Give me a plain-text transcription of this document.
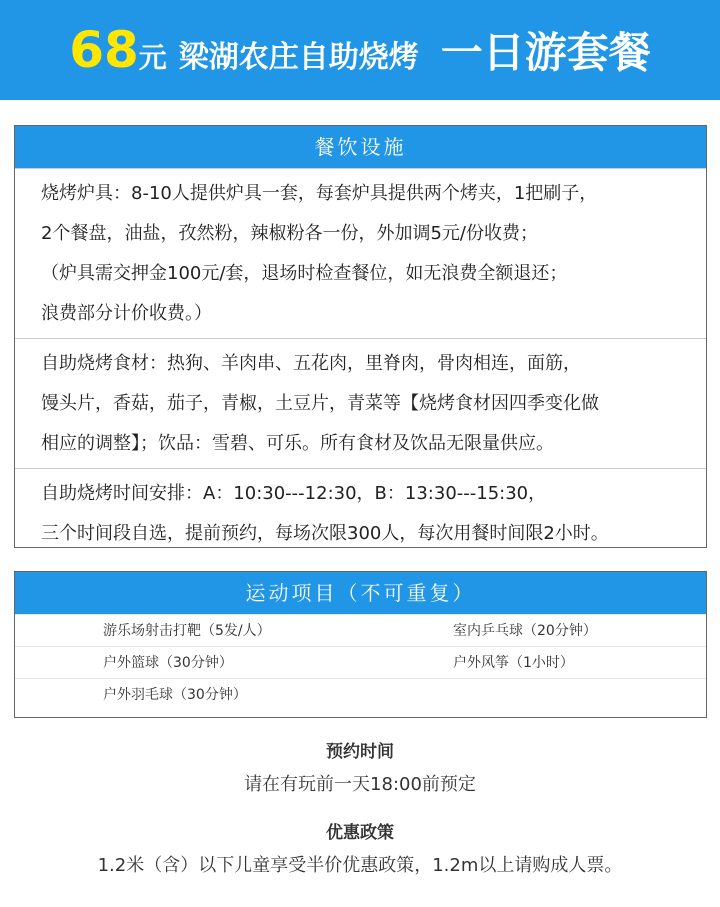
68 元 梁湖农庄自助烧烤 一日游套餐
餐饮设施
烧烤炉具：8-10人提供炉具一套，每套炉具提供两个烤夹，1把刷子，
2个餐盘，油盐，孜然粉，辣椒粉各一份，外加调5元/份收费；
（炉具需交押金100元/套，退场时检查餐位，如无浪费全额退还；
浪费部分计价收费。）
自助烧烤食材：热狗、羊肉串、五花肉，里脊肉，骨肉相连，面筋，
馒头片，香菇，茄子，青椒，土豆片，青菜等【烧烤食材因四季变化做
相应的调整】；饮品：雪碧、可乐。所有食材及饮品无限量供应。
自助烧烤时间安排：A：10:30---12:30，B：13:30---15:30，
三个时间段自选，提前预约，每场次限300人，每次用餐时间限2小时。
运动项目（不可重复）
游乐场射击打靶（5发/人）	室内乒乓球（20分钟）
户外篮球（30分钟）	户外风筝（1小时）
户外羽毛球（30分钟）
预约时间
请在有玩前一天18:00前预定
优惠政策
1.2米（含）以下儿童享受半价优惠政策，1.2m以上请购成人票。
